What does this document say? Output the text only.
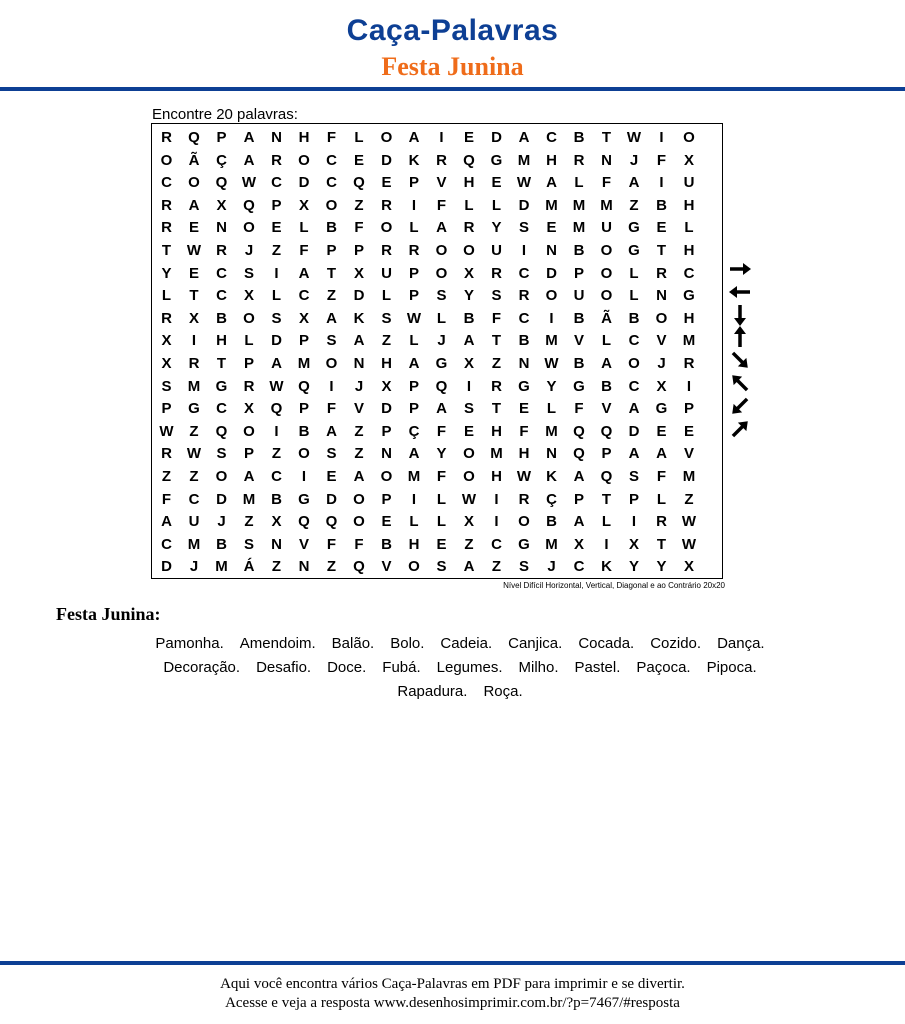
Caça-Palavras
Festa Junina
Encontre 20 palavras:
R	Q	P	A	N	H	F	L	O	A	I	E	D	A	C	B	T	W	I	O
O	Ã	Ç	A	R	O	C	E	D	K	R	Q	G	M	H	R	N	J	F	X
C	O	Q W	C	D	C	Q	E	P	V	H	E	W	A	L	F	A	I	U
R	A	X	Q	P	X	O	Z	R	I	F	L	L	D	M	M	M	Z	B	H
R	E	N	O	E	L	B	F	O	L	A	R	Y	S	E	M	U	G	E	L
T	W	R	J	Z	F	P	P	R	R	O	O	U	I	N	B	O	G	T	H
Y	E	C	S	I	A	T	X	U	P	O	X	R	C	D	P	O	L	R	C
L	T	C	X	L	C	Z	D	L	P	S	Y	S	R	O	U	O	L	N	G
R	X	B	O	S	X	A	K	S	W	L	B	F	C	I	B	Ã	B	O	H
X	I	H	L	D	P	S	A	Z	L	J	A	T	B	M	V	L	C	V	M
X	R	T	P	A	M	O	N	H	A	G	X	Z	N W	B	A	O	J	R
S	M	G	R W Q	I	J	X	P	Q	I	R	G	Y	G	B	C	X	I
P	G	C	X	Q	P	F	V	D	P	A	S	T	E	L	F	V	A	G	P
W	Z	Q	O	I	B	A	Z	P	Ç	F	E	H	F	M	Q	Q	D	E	E
R W	S	P	Z	O	S	Z	N	A	Y	O	M	H	N	Q	P	A	A	V
Z	Z	O	A	C	I	E	A	O	M	F	O	H W	K	A	Q	S	F	M
F	C	D	M	B	G	D	O	P	I	L	W	I	R	Ç	P	T	P	L	Z
A	U	J	Z	X	Q	Q	O	E	L	L	X	I	O	B	A	L	I	R W
C	M	B	S	N	V	F	F	B	H	E	Z	C	G	M	X	I	X	T	W
D	J	M	Á	Z	N	Z	Q	V	O	S	A	Z	S	J	C	K	Y	Y	X
Nível Difícil Horizontal, Vertical, Diagonal e ao Contrário 20x20
Festa Junina:
Pamonha. Amendoim. Balão. Bolo. Cadeia. Canjica. Cocada. Cozido. Dança.
Decoração. Desafio. Doce. Fubá. Legumes. Milho. Pastel. Paçoca. Pipoca.
Rapadura. Roça.
Aqui você encontra vários Caça-Palavras em PDF para imprimir e se divertir.
Acesse e veja a resposta www.desenhosimprimir.com.br/?p=7467/#resposta
